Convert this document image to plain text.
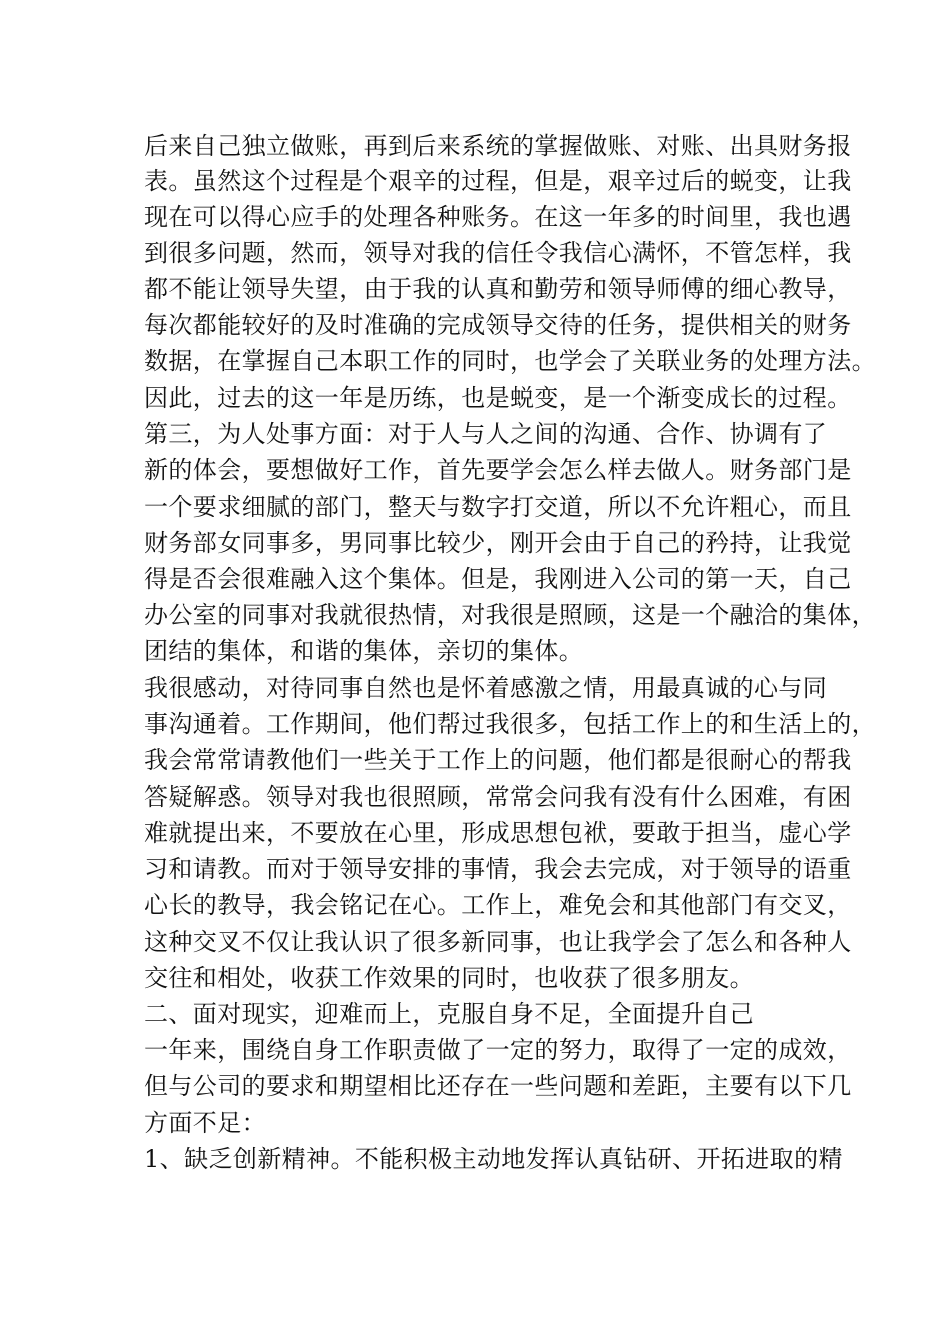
后来自己独立做账，再到后来系统的掌握做账、对账、出具财务报
表。虽然这个过程是个艰辛的过程，但是，艰辛过后的蜕变，让我
现在可以得心应手的处理各种账务。在这一年多的时间里，我也遇
到很多问题，然而，领导对我的信任令我信心满怀，不管怎样，我
都不能让领导失望，由于我的认真和勤劳和领导师傅的细心教导，
每次都能较好的及时准确的完成领导交待的任务，提供相关的财务
数据，在掌握自己本职工作的同时，也学会了关联业务的处理方法。
因此，过去的这一年是历练，也是蜕变，是一个渐变成长的过程。
第三，为人处事方面：对于人与人之间的沟通、合作、协调有了
新的体会，要想做好工作，首先要学会怎么样去做人。财务部门是
一个要求细腻的部门，整天与数字打交道，所以不允许粗心，而且
财务部女同事多，男同事比较少，刚开会由于自己的矜持，让我觉
得是否会很难融入这个集体。但是，我刚进入公司的第一天，自己
办公室的同事对我就很热情，对我很是照顾，这是一个融洽的集体，
团结的集体，和谐的集体，亲切的集体。
我很感动，对待同事自然也是怀着感激之情，用最真诚的心与同
事沟通着。工作期间，他们帮过我很多，包括工作上的和生活上的，
我会常常请教他们一些关于工作上的问题，他们都是很耐心的帮我
答疑解惑。领导对我也很照顾，常常会问我有没有什么困难，有困
难就提出来，不要放在心里，形成思想包袱，要敢于担当，虚心学
习和请教。而对于领导安排的事情，我会去完成，对于领导的语重
心长的教导，我会铭记在心。工作上，难免会和其他部门有交叉，
这种交叉不仅让我认识了很多新同事，也让我学会了怎么和各种人
交往和相处，收获工作效果的同时，也收获了很多朋友。
二、面对现实，迎难而上，克服自身不足，全面提升自己
一年来，围绕自身工作职责做了一定的努力，取得了一定的成效，
但与公司的要求和期望相比还存在一些问题和差距，主要有以下几
方面不足：
1、缺乏创新精神。不能积极主动地发挥认真钻研、开拓进取的精
